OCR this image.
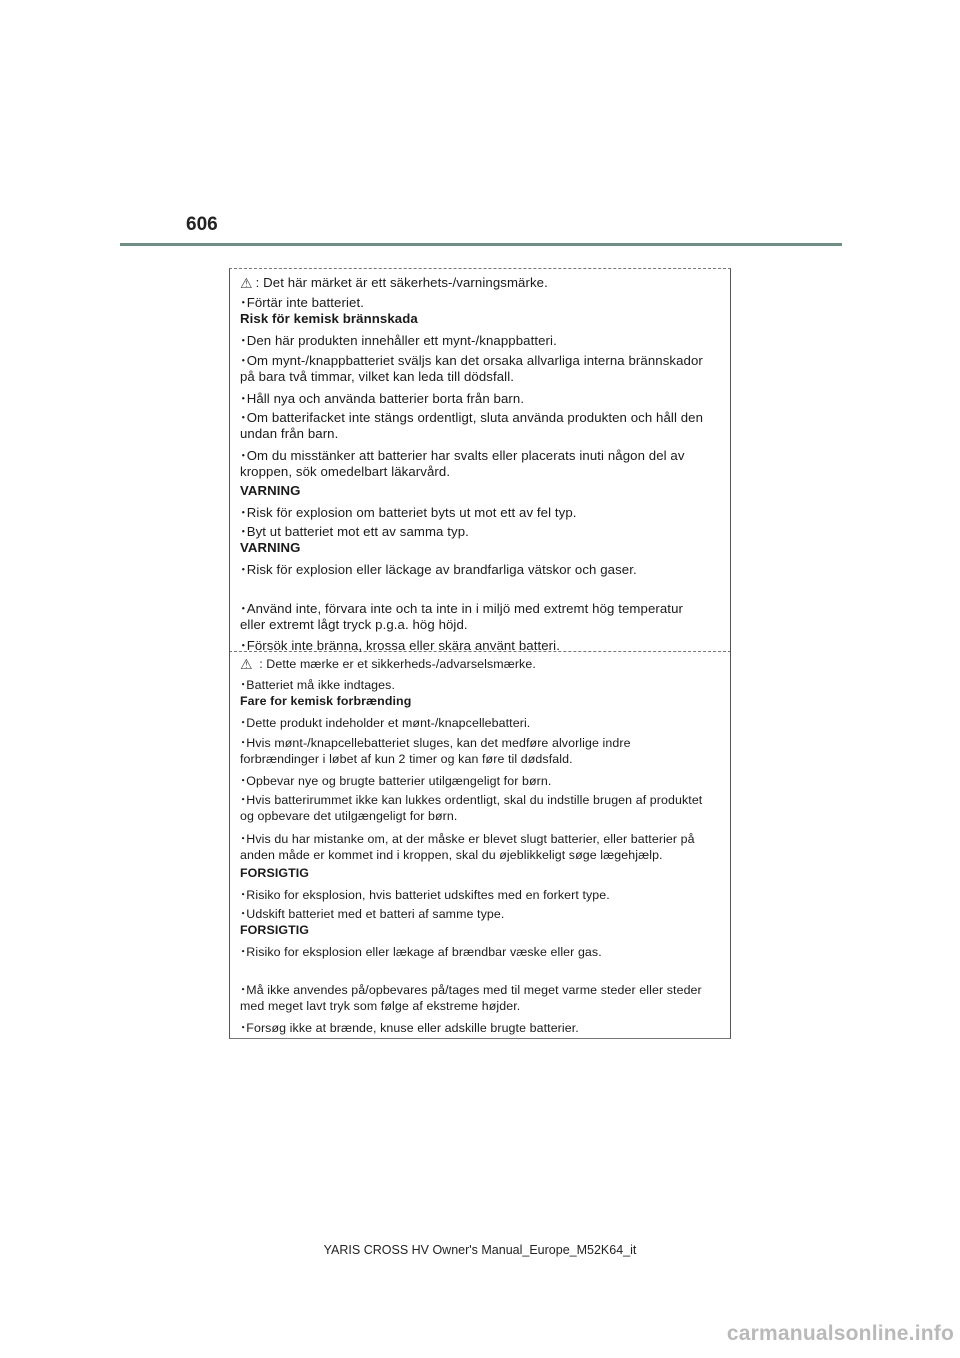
606
⚠ : Det här märket är ett säkerhets-/varningsmärke.
･Förtär inte batteriet.
Risk för kemisk brännskada
･Den här produkten innehåller ett mynt-/knappbatteri.
･Om mynt-/knappbatteriet sväljs kan det orsaka allvarliga interna brännskador
på bara två timmar, vilket kan leda till dödsfall.
･Håll nya och använda batterier borta från barn.
･Om batterifacket inte stängs ordentligt, sluta använda produkten och håll den
undan från barn.
･Om du misstänker att batterier har svalts eller placerats inuti någon del av
kroppen, sök omedelbart läkarvård.
VARNING
･Risk för explosion om batteriet byts ut mot ett av fel typ.
･Byt ut batteriet mot ett av samma typ.
VARNING
･Risk för explosion eller läckage av brandfarliga vätskor och gaser.
･Använd inte, förvara inte och ta inte in i miljö med extremt hög temperatur
eller extremt lågt tryck p.g.a. hög höjd.
･Försök inte bränna, krossa eller skära använt batteri.
⚠ : Dette mærke er et sikkerheds-/advarselsmærke.
･Batteriet må ikke indtages.
Fare for kemisk forbrænding
･Dette produkt indeholder et mønt-/knapcellebatteri.
･Hvis mønt-/knapcellebatteriet sluges, kan det medføre alvorlige indre
forbrændinger i løbet af kun 2 timer og kan føre til dødsfald.
･Opbevar nye og brugte batterier utilgængeligt for børn.
･Hvis batterirummet ikke kan lukkes ordentligt, skal du indstille brugen af produktet
og opbevare det utilgængeligt for børn.
･Hvis du har mistanke om, at der måske er blevet slugt batterier, eller batterier på
anden måde er kommet ind i kroppen, skal du øjeblikkeligt søge lægehjælp.
FORSIGTIG
･Risiko for eksplosion, hvis batteriet udskiftes med en forkert type.
･Udskift batteriet med et batteri af samme type.
FORSIGTIG
･Risiko for eksplosion eller lækage af brændbar væske eller gas.
･Må ikke anvendes på/opbevares på/tages med til meget varme steder eller steder
med meget lavt tryk som følge af ekstreme højder.
･Forsøg ikke at brænde, knuse eller adskille brugte batterier.
YARIS CROSS HV Owner's Manual_Europe_M52K64_it
carmanualsonline.info
